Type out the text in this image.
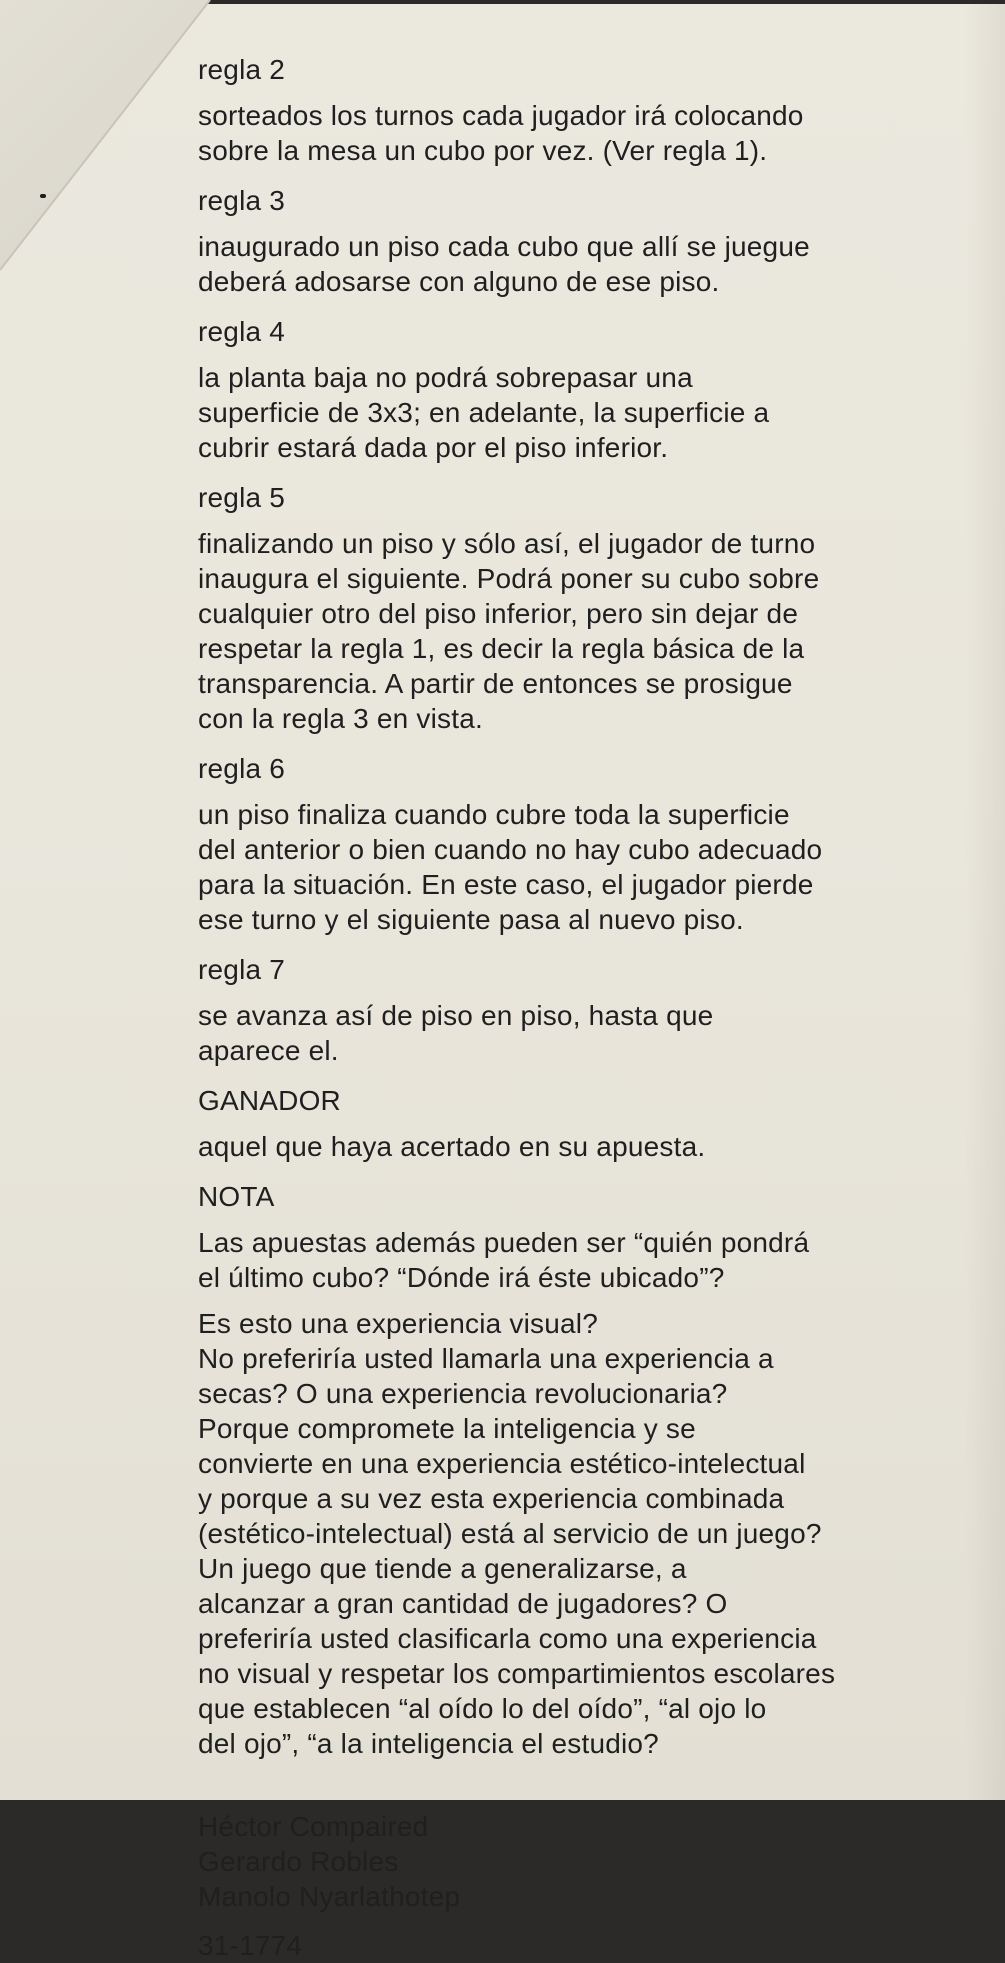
regla 2

sorteados los turnos cada jugador irá colocando
sobre la mesa un cubo por vez. (Ver regla 1).

regla 3

inaugurado un piso cada cubo que allí se juegue
deberá adosarse con alguno de ese piso.

regla 4

la planta baja no podrá sobrepasar una
superficie de 3x3; en adelante, la superficie a
cubrir estará dada por el piso inferior.

regla 5

finalizando un piso y sólo así, el jugador de turno
inaugura el siguiente. Podrá poner su cubo sobre
cualquier otro del piso inferior, pero sin dejar de
respetar la regla 1, es decir la regla básica de la
transparencia. A partir de entonces se prosigue
con la regla 3 en vista.

regla 6

un piso finaliza cuando cubre toda la superficie
del anterior o bien cuando no hay cubo adecuado
para la situación. En este caso, el jugador pierde
ese turno y el siguiente pasa al nuevo piso.

regla 7

se avanza así de piso en piso, hasta que
aparece el.

GANADOR

aquel que haya acertado en su apuesta.

NOTA

Las apuestas además pueden ser “quién pondrá
el último cubo? “Dónde irá éste ubicado”?
Es esto una experiencia visual?
No preferiría usted llamarla una experiencia a
secas? O una experiencia revolucionaria?
Porque compromete la inteligencia y se
convierte en una experiencia estético-intelectual
y porque a su vez esta experiencia combinada
(estético-intelectual) está al servicio de un juego?
Un juego que tiende a generalizarse, a
alcanzar a gran cantidad de jugadores? O
preferiría usted clasificarla como una experiencia
no visual y respetar los compartimientos escolares
que establecen “al oído lo del oído”, “al ojo lo
del ojo”, “a la inteligencia el estudio?
Héctor Compaired
Gerardo Robles
Manolo Nyarlathotep
31-1774
